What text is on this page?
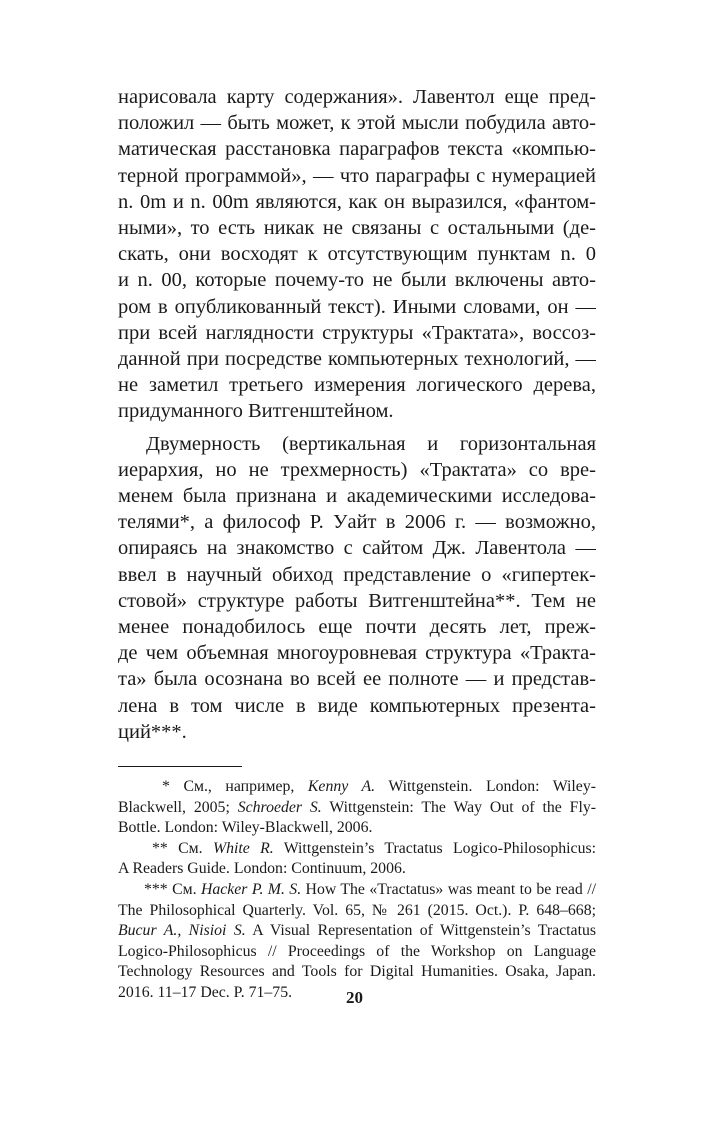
нарисовала карту содержания». Лавентол еще пред-
положил — быть может, к этой мысли побудила авто-
матическая расстановка параграфов текста «компью-
терной программой», — что параграфы с нумерацией
n. 0m и n. 00m являются, как он выразился, «фантом-
ными», то есть никак не связаны с остальными (де-
скать, они восходят к отсутствующим пунктам n. 0
и n. 00, которые почему-то не были включены авто-
ром в опубликованный текст). Иными словами, он —
при всей наглядности структуры «Трактата», воссоз-
данной при посредстве компьютерных технологий, —
не заметил третьего измерения логического дерева,
придуманного Витгенштейном.
Двумерность (вертикальная и горизонтальная
иерархия, но не трехмерность) «Трактата» со вре-
менем была признана и академическими исследова-
телями*, а философ Р. Уайт в 2006 г. — возможно,
опираясь на знакомство с сайтом Дж. Лавентола —
ввел в научный обиход представление о «гипертек-
стовой» структуре работы Витгенштейна**. Тем не
менее понадобилось еще почти десять лет, преж-
де чем объемная многоуровневая структура «Тракта-
та» была осознана во всей ее полноте — и представ-
лена в том числе в виде компьютерных презента-
ций***.
* См., например, Kenny A. Wittgenstein. London: Wiley-
Blackwell, 2005; Schroeder S. Wittgenstein: The Way Out of the Fly-
Bottle. London: Wiley-Blackwell, 2006.
** См. White R. Wittgenstein’s Tractatus Logico-Philosophicus:
A Readers Guide. London: Continuum, 2006.
*** См. Hacker P. M. S. How The «Tractatus» was meant to be read //
The Philosophical Quarterly. Vol. 65, № 261 (2015. Oct.). P. 648–668;
Bucur A., Nisioi S. A Visual Representation of Wittgenstein’s Tractatus
Logico-Philosophicus // Proceedings of the Workshop on Language
Technology Resources and Tools for Digital Humanities. Osaka, Japan.
2016. 11–17 Dec. P. 71–75.	20
